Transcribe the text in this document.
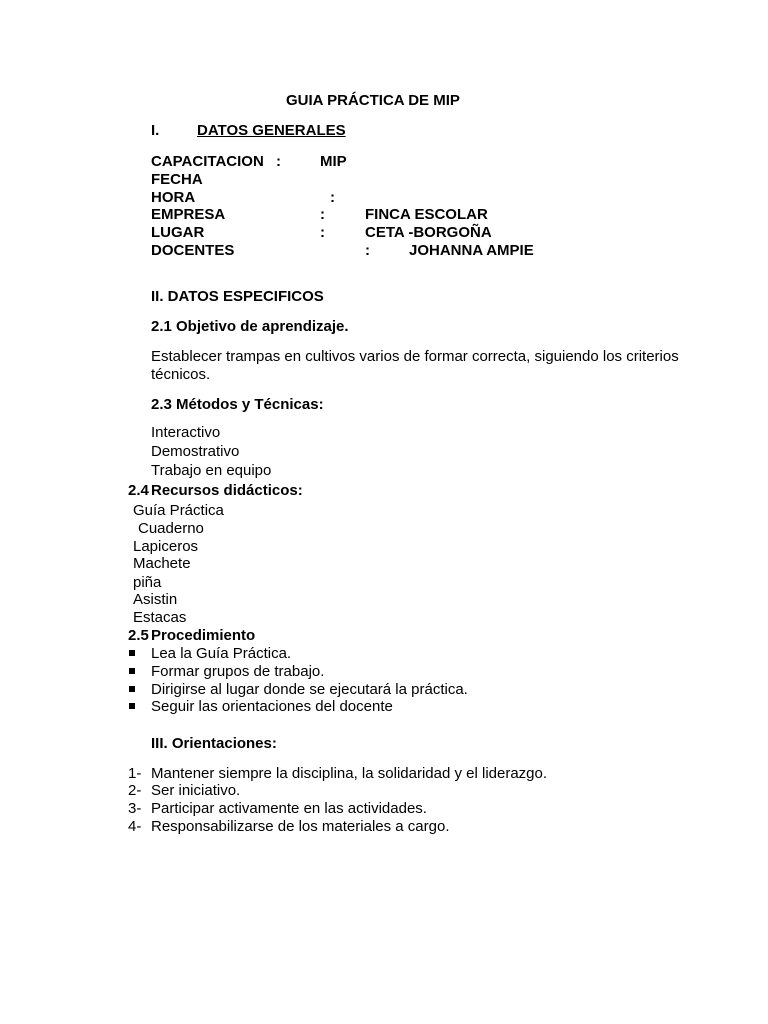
GUIA PRÁCTICA DE MIP
I.	DATOS GENERALES
CAPACITACION :	MIP
FECHA
HORA	:
EMPRESA	:	FINCA ESCOLAR
LUGAR	:	CETA -BORGOÑA
DOCENTES	:	JOHANNA AMPIE
II. DATOS ESPECIFICOS
2.1 Objetivo de aprendizaje.
Establecer trampas en cultivos varios de formar correcta, siguiendo los criterios
técnicos.
2.3 Métodos y Técnicas:
Interactivo
Demostrativo
Trabajo en equipo
2.4 Recursos didácticos:
Guía Práctica
Cuaderno
Lapiceros
Machete
piña
Asistin
Estacas
2.5 Procedimiento
Lea la Guía Práctica.
Formar grupos de trabajo.
Dirigirse al lugar donde se ejecutará la práctica.
Seguir las orientaciones del docente
III. Orientaciones:
1- Mantener siempre la disciplina, la solidaridad y el liderazgo.
2- Ser iniciativo.
3- Participar activamente en las actividades.
4- Responsabilizarse de los materiales a cargo.
